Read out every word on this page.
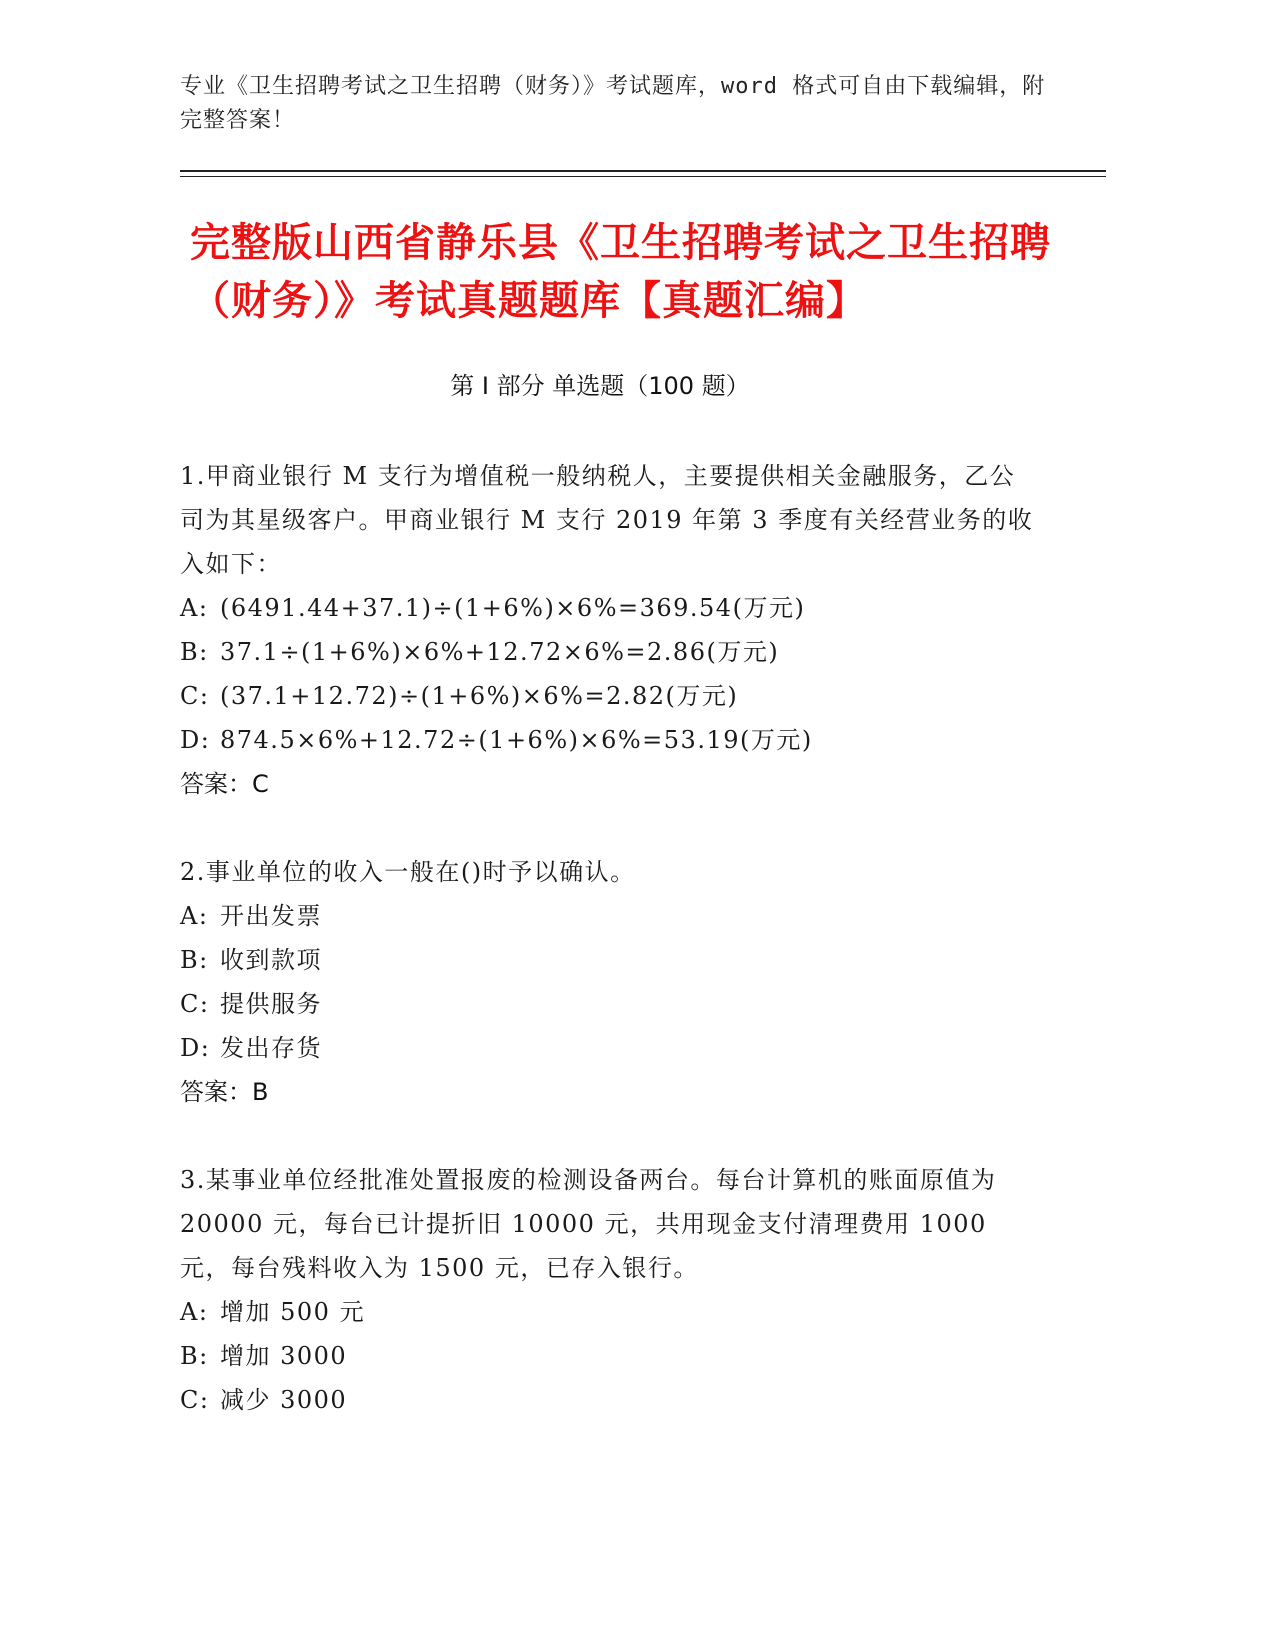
专业《卫生招聘考试之卫生招聘（财务）》考试题库，word 格式可自由下载编辑，附完整答案！
完整版山西省静乐县《卫生招聘考试之卫生招聘（财务）》考试真题题库【真题汇编】
第 I 部分 单选题（100 题）
1.甲商业银行 M 支行为增值税一般纳税人，主要提供相关金融服务，乙公司为其星级客户。甲商业银行 M 支行 2019 年第 3 季度有关经营业务的收入如下：
A: (6491.44+37.1)÷(1+6%)×6%=369.54(万元)
B: 37.1÷(1+6%)×6%+12.72×6%=2.86(万元)
C: (37.1+12.72)÷(1+6%)×6%=2.82(万元)
D: 874.5×6%+12.72÷(1+6%)×6%=53.19(万元)
答案：C
2.事业单位的收入一般在()时予以确认。
A: 开出发票
B: 收到款项
C: 提供服务
D: 发出存货
答案：B
3.某事业单位经批准处置报废的检测设备两台。每台计算机的账面原值为 20000 元，每台已计提折旧 10000 元，共用现金支付清理费用 1000 元，每台残料收入为 1500 元，已存入银行。
A: 增加 500 元
B: 增加 3000
C: 减少 3000
